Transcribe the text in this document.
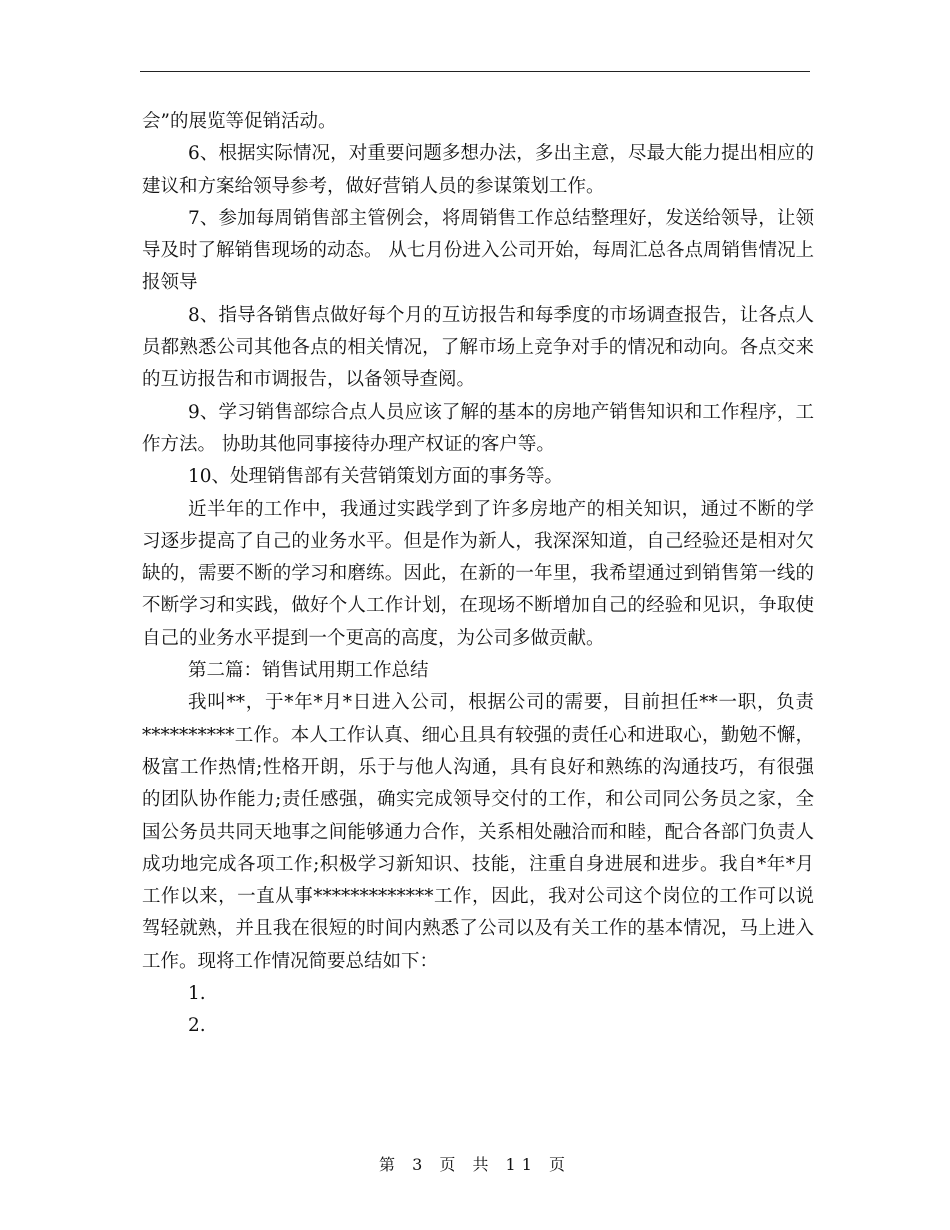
会”的展览等促销活动。

6、根据实际情况，对重要问题多想办法，多出主意，尽最大能力提出相应的建议和方案给领导参考，做好营销人员的参谋策划工作。

7、参加每周销售部主管例会，将周销售工作总结整理好，发送给领导，让领导及时了解销售现场的动态。 从七月份进入公司开始，每周汇总各点周销售情况上报领导

8、指导各销售点做好每个月的互访报告和每季度的市场调查报告，让各点人员都熟悉公司其他各点的相关情况，了解市场上竞争对手的情况和动向。各点交来的互访报告和市调报告，以备领导查阅。

9、学习销售部综合点人员应该了解的基本的房地产销售知识和工作程序，工作方法。 协助其他同事接待办理产权证的客户等。

10、处理销售部有关营销策划方面的事务等。

近半年的工作中，我通过实践学到了许多房地产的相关知识，通过不断的学习逐步提高了自己的业务水平。但是作为新人，我深深知道，自己经验还是相对欠缺的，需要不断的学习和磨练。因此，在新的一年里，我希望通过到销售第一线的不断学习和实践，做好个人工作计划，在现场不断增加自己的经验和见识，争取使自己的业务水平提到一个更高的高度，为公司多做贡献。

第二篇：销售试用期工作总结

我叫**，于*年*月*日进入公司，根据公司的需要，目前担任**一职，负责**********工作。本人工作认真、细心且具有较强的责任心和进取心，勤勉不懈，极富工作热情;性格开朗，乐于与他人沟通，具有良好和熟练的沟通技巧，有很强的团队协作能力;责任感强，确实完成领导交付的工作，和公司同公务员之家，全国公务员共同天地事之间能够通力合作，关系相处融洽而和睦，配合各部门负责人成功地完成各项工作;积极学习新知识、技能，注重自身进展和进步。我自*年*月工作以来，一直从事*************工作，因此，我对公司这个岗位的工作可以说驾轻就熟，并且我在很短的时间内熟悉了公司以及有关工作的基本情况，马上进入工作。现将工作情况简要总结如下：

1.

2.

第 3 页 共 11 页
